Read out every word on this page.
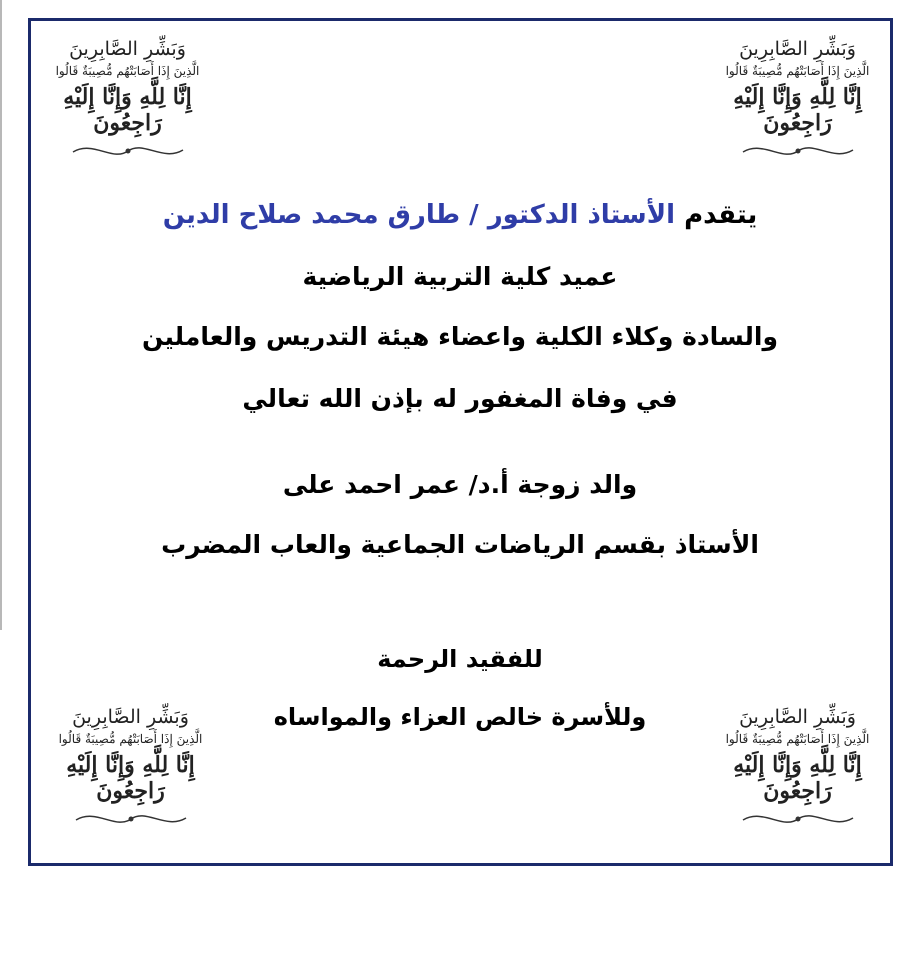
وَبَشِّرِ الصَّابِرِينَ
الَّذِينَ إِذَا أَصَابَتْهُم مُّصِيبَةٌ قَالُوا
إِنَّا لِلَّهِ وَإِنَّا إِلَيْهِ رَاجِعُونَ
وَبَشِّرِ الصَّابِرِينَ
الَّذِينَ إِذَا أَصَابَتْهُم مُّصِيبَةٌ قَالُوا
إِنَّا لِلَّهِ وَإِنَّا إِلَيْهِ رَاجِعُونَ
وَبَشِّرِ الصَّابِرِينَ
الَّذِينَ إِذَا أَصَابَتْهُم مُّصِيبَةٌ قَالُوا
إِنَّا لِلَّهِ وَإِنَّا إِلَيْهِ رَاجِعُونَ
وَبَشِّرِ الصَّابِرِينَ
الَّذِينَ إِذَا أَصَابَتْهُم مُّصِيبَةٌ قَالُوا
إِنَّا لِلَّهِ وَإِنَّا إِلَيْهِ رَاجِعُونَ
يتقدم الأستاذ الدكتور / طارق محمد صلاح الدين
عميد كلية التربية الرياضية
والسادة وكلاء الكلية واعضاء هيئة التدريس والعاملين
في وفاة المغفور له بإذن الله تعالي
والد زوجة أ.د/ عمر احمد على
الأستاذ بقسم الرياضات الجماعية والعاب المضرب
للفقيد الرحمة
وللأسرة خالص العزاء والمواساه
